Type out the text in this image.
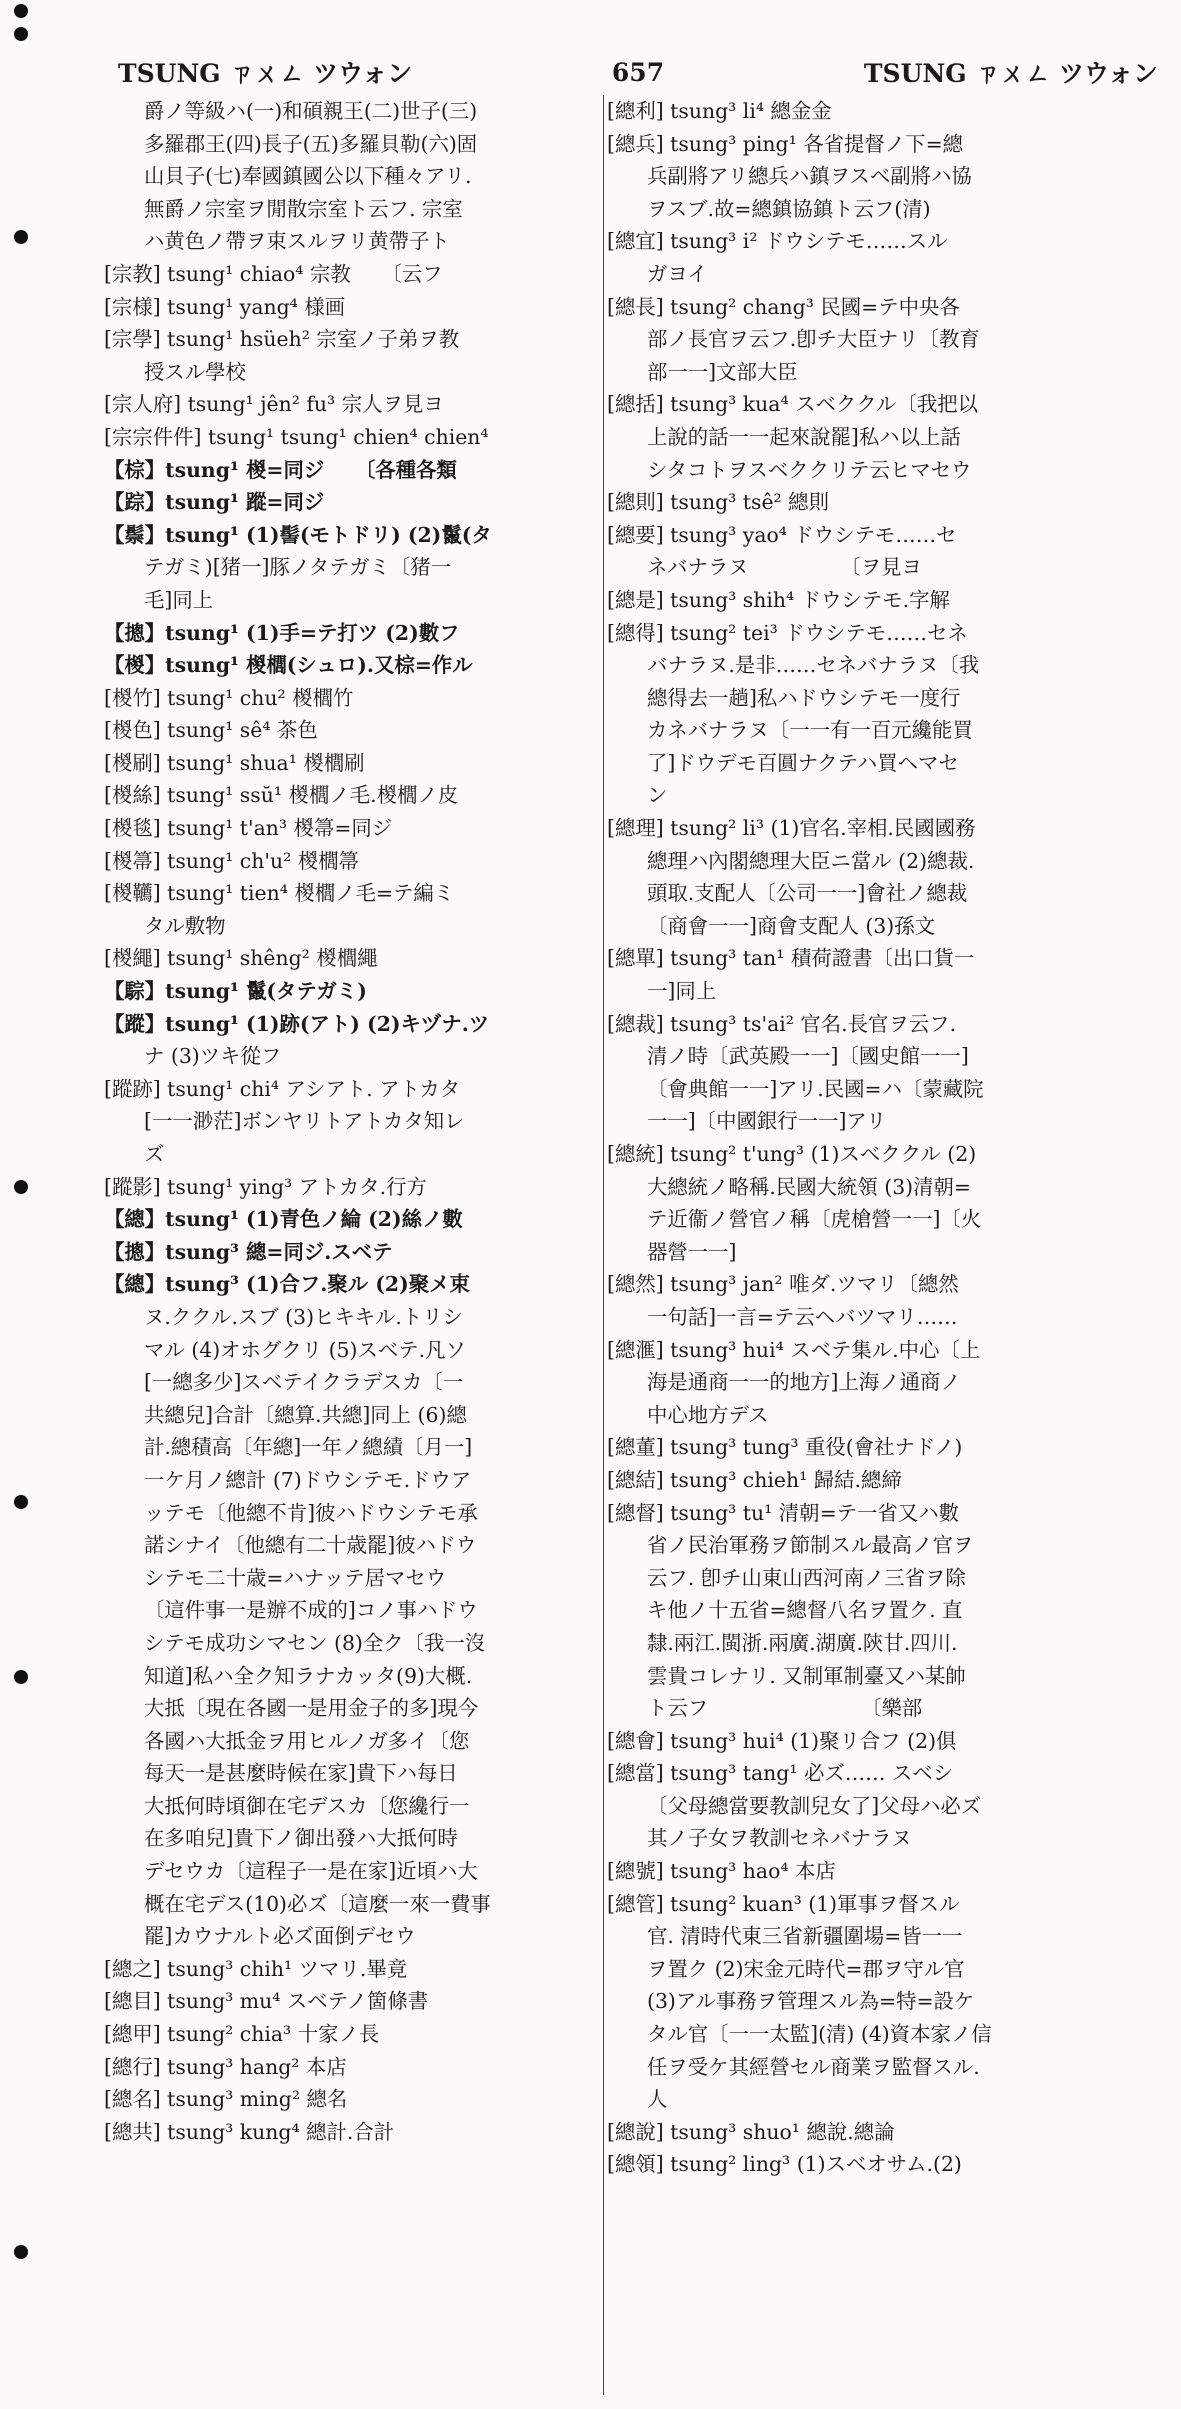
TSUNG ㄗㄨㄥ ツウォン	657	TSUNG ㄗㄨㄥ ツウォン
爵ノ等級ハ(一)和碩親王(二)世子(三)
多羅郡王(四)長子(五)多羅貝勒(六)固
山貝子(七)奉國鎮國公以下種々アリ.
無爵ノ宗室ヲ閒散宗室ト云フ. 宗室
ハ黄色ノ帶ヲ束スルヲリ黄帶子ト
[宗教] tsung¹ chiao⁴ 宗教　　〔云フ
[宗様] tsung¹ yang⁴ 様画
[宗學] tsung¹ hsüeh² 宗室ノ子弟ヲ教
授スル學校
[宗人府] tsung¹ jên² fu³ 宗人ヲ見ヨ
[宗宗件件] tsung¹ tsung¹ chien⁴ chien⁴
【棕】tsung¹ 椶=同ジ　　〔各種各類
【踪】tsung¹ 蹤=同ジ
【鬃】tsung¹ (1)髻(モトドリ) (2)鬣(タ
テガミ)[猪一]豚ノタテガミ〔猪一
毛]同上
【摠】tsung¹ (1)手=テ打ツ (2)數フ
【椶】tsung¹ 椶櫚(シュロ).又棕=作ル
[椶竹] tsung¹ chu² 椶櫚竹
[椶色] tsung¹ sê⁴ 茶色
[椶刷] tsung¹ shua¹ 椶櫚刷
[椶絲] tsung¹ ssŭ¹ 椶櫚ノ毛.椶櫚ノ皮
[椶毯] tsung¹ t'an³ 椶箒=同ジ
[椶箒] tsung¹ ch'u² 椶櫚箒
[椶韉] tsung¹ tien⁴ 椶櫚ノ毛=テ編ミ
タル敷物
[椶繩] tsung¹ shêng² 椶櫚繩
【騌】tsung¹ 鬣(タテガミ)
【蹤】tsung¹ (1)跡(アト) (2)キヅナ.ツ
ナ (3)ツキ從フ
[蹤跡] tsung¹ chi⁴ アシアト. アトカタ
[一一渺茫]ボンヤリトアトカタ知レ
ズ
[蹤影] tsung¹ ying³ アトカタ.行方
【總】tsung¹ (1)青色ノ綸 (2)絲ノ數
【摠】tsung³ 總=同ジ.スベテ
【總】tsung³ (1)合フ.聚ル (2)聚メ束
ヌ.ククル.スブ (3)ヒキキル.トリシ
マル (4)オホグクリ (5)スベテ.凡ソ
[一總多少]スベテイクラデスカ〔一
共總兒]合計〔總算.共總]同上 (6)總
計.總積高〔年總]一年ノ總績〔月一]
一ケ月ノ總計 (7)ドウシテモ.ドウア
ッテモ〔他總不肯]彼ハドウシテモ承
諾シナイ〔他總有二十歳罷]彼ハドウ
シテモ二十歳=ハナッテ居マセウ
〔這件事一是辦不成的]コノ事ハドウ
シテモ成功シマセン (8)全ク〔我一沒
知道]私ハ全ク知ラナカッタ(9)大概.
大抵〔現在各國一是用金子的多]現今
各國ハ大抵金ヲ用ヒルノガ多イ〔您
每天一是甚麼時候在家]貴下ハ每日
大抵何時頃御在宅デスカ〔您纔行一
在多咱兒]貴下ノ御出發ハ大抵何時
デセウカ〔這程子一是在家]近頃ハ大
概在宅デス(10)必ズ〔這麼一來一費事
罷]カウナルト必ズ面倒デセウ
[總之] tsung³ chih¹ ツマリ.畢竟
[總目] tsung³ mu⁴ スベテノ箇條書
[總甲] tsung² chia³ 十家ノ長
[總行] tsung³ hang² 本店
[總名] tsung³ ming² 總名
[總共] tsung³ kung⁴ 總計.合計
[總利] tsung³ li⁴ 總金金
[總兵] tsung³ ping¹ 各省提督ノ下=總
兵副將アリ總兵ハ鎮ヲスベ副將ハ協
ヲスブ.故=總鎮協鎮ト云フ(清)
[總宜] tsung³ i² ドウシテモ……スル
ガヨイ
[總長] tsung² chang³ 民國=テ中央各
部ノ長官ヲ云フ.卽チ大臣ナリ〔教育
部一一]文部大臣
[總括] tsung³ kua⁴ スベククル〔我把以
上說的話一一起來說罷]私ハ以上話
シタコトヲスベククリテ云ヒマセウ
[總則] tsung³ tsê² 總則
[總要] tsung³ yao⁴ ドウシテモ……セ
ネバナラヌ　　　　　〔ヲ見ヨ
[總是] tsung³ shih⁴ ドウシテモ.字解
[總得] tsung² tei³ ドウシテモ……セネ
バナラヌ.是非……セネバナラヌ〔我
總得去一趟]私ハドウシテモ一度行
カネバナラヌ〔一一有一百元纔能買
了]ドウデモ百圓ナクテハ買ヘマセ
ン
[總理] tsung² li³ (1)官名.宰相.民國國務
總理ハ內閣總理大臣ニ當ル (2)總裁.
頭取.支配人〔公司一一]會社ノ總裁
〔商會一一]商會支配人 (3)孫文
[總單] tsung³ tan¹ 積荷證書〔出口貨一
一]同上
[總裁] tsung³ ts'ai² 官名.長官ヲ云フ.
清ノ時〔武英殿一一]〔國史館一一]
〔會典館一一]アリ.民國=ハ〔蒙藏院
一一]〔中國銀行一一]アリ
[總統] tsung² t'ung³ (1)スベククル (2)
大總統ノ略稱.民國大統領 (3)清朝=
テ近衞ノ營官ノ稱〔虎槍營一一]〔火
器營一一]
[總然] tsung³ jan² 唯ダ.ツマリ〔總然
一句話]一言=テ云ヘバツマリ……
[總滙] tsung³ hui⁴ スベテ集ル.中心〔上
海是通商一一的地方]上海ノ通商ノ
中心地方デス
[總董] tsung³ tung³ 重役(會社ナドノ)
[總結] tsung³ chieh¹ 歸結.總締
[總督] tsung³ tu¹ 清朝=テ一省又ハ數
省ノ民治軍務ヲ節制スル最高ノ官ヲ
云フ. 卽チ山東山西河南ノ三省ヲ除
キ他ノ十五省=總督八名ヲ置ク. 直
隸.兩江.閩浙.兩廣.湖廣.陝甘.四川.
雲貴コレナリ. 又制軍制臺又ハ某帥
ト云フ　　　　　　　　〔樂部
[總會] tsung³ hui⁴ (1)聚リ合フ (2)俱
[總當] tsung³ tang¹ 必ズ…… スベシ
〔父母總當要教訓兒女了]父母ハ必ズ
其ノ子女ヲ教訓セネバナラヌ
[總號] tsung³ hao⁴ 本店
[總管] tsung² kuan³ (1)軍事ヲ督スル
官. 清時代東三省新疆圍場=皆一一
ヲ置ク (2)宋金元時代=郡ヲ守ル官
(3)アル事務ヲ管理スル為=特=設ケ
タル官〔一一太監](清) (4)資本家ノ信
任ヲ受ケ其經營セル商業ヲ監督スル.
人
[總說] tsung³ shuo¹ 總說.總論
[總領] tsung² ling³ (1)スベオサム.(2)
